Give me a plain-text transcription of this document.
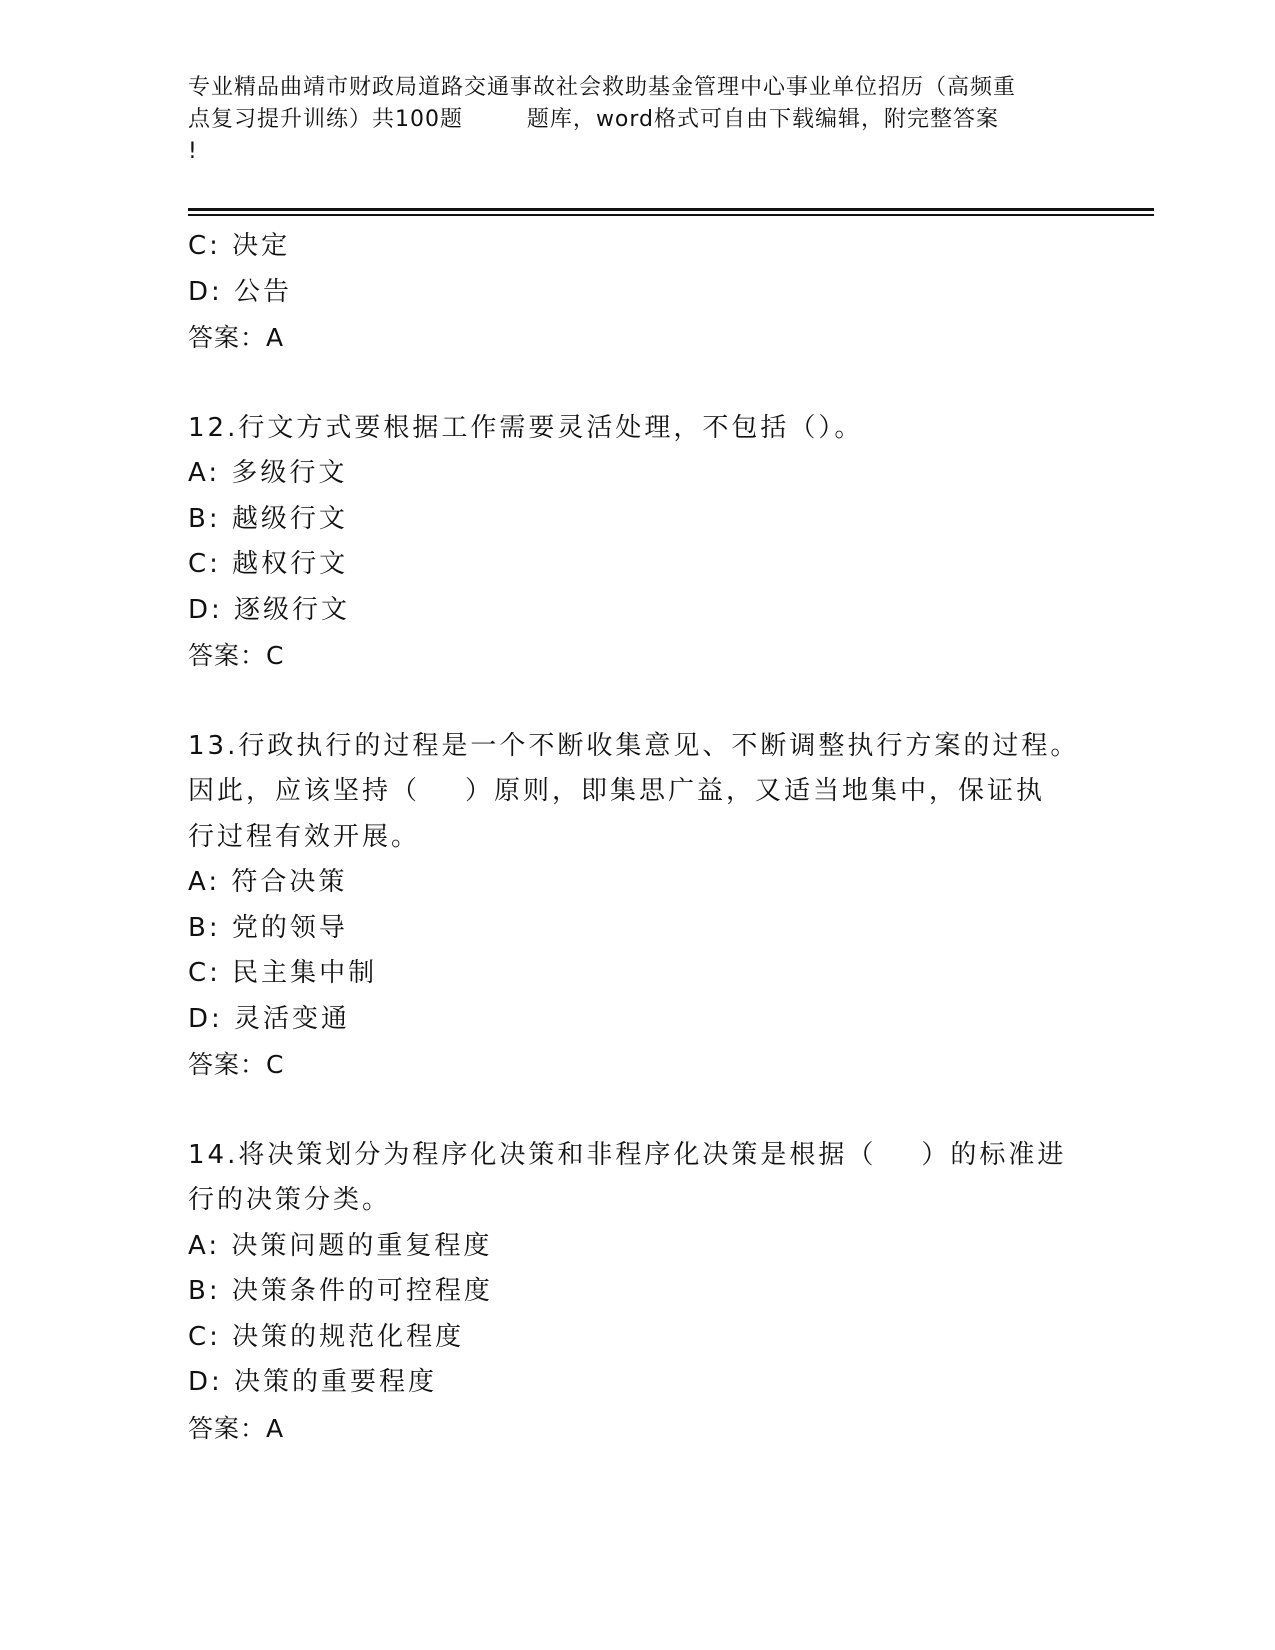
专业精品曲靖市财政局道路交通事故社会救助基金管理中心事业单位招历（高频重
点复习提升训练）共100题        题库，word格式可自由下载编辑，附完整答案
!
C: 决定
D: 公告
答案：A
12.行文方式要根据工作需要灵活处理，不包括（）。
A: 多级行文
B: 越级行文
C: 越权行文
D: 逐级行文
答案：C
13.行政执行的过程是一个不断收集意见、不断调整执行方案的过程。
因此，应该坚持（    ）原则，即集思广益，又适当地集中，保证执
行过程有效开展。
A: 符合决策
B: 党的领导
C: 民主集中制
D: 灵活变通
答案：C
14.将决策划分为程序化决策和非程序化决策是根据（    ）的标准进
行的决策分类。
A: 决策问题的重复程度
B: 决策条件的可控程度
C: 决策的规范化程度
D: 决策的重要程度
答案：A
